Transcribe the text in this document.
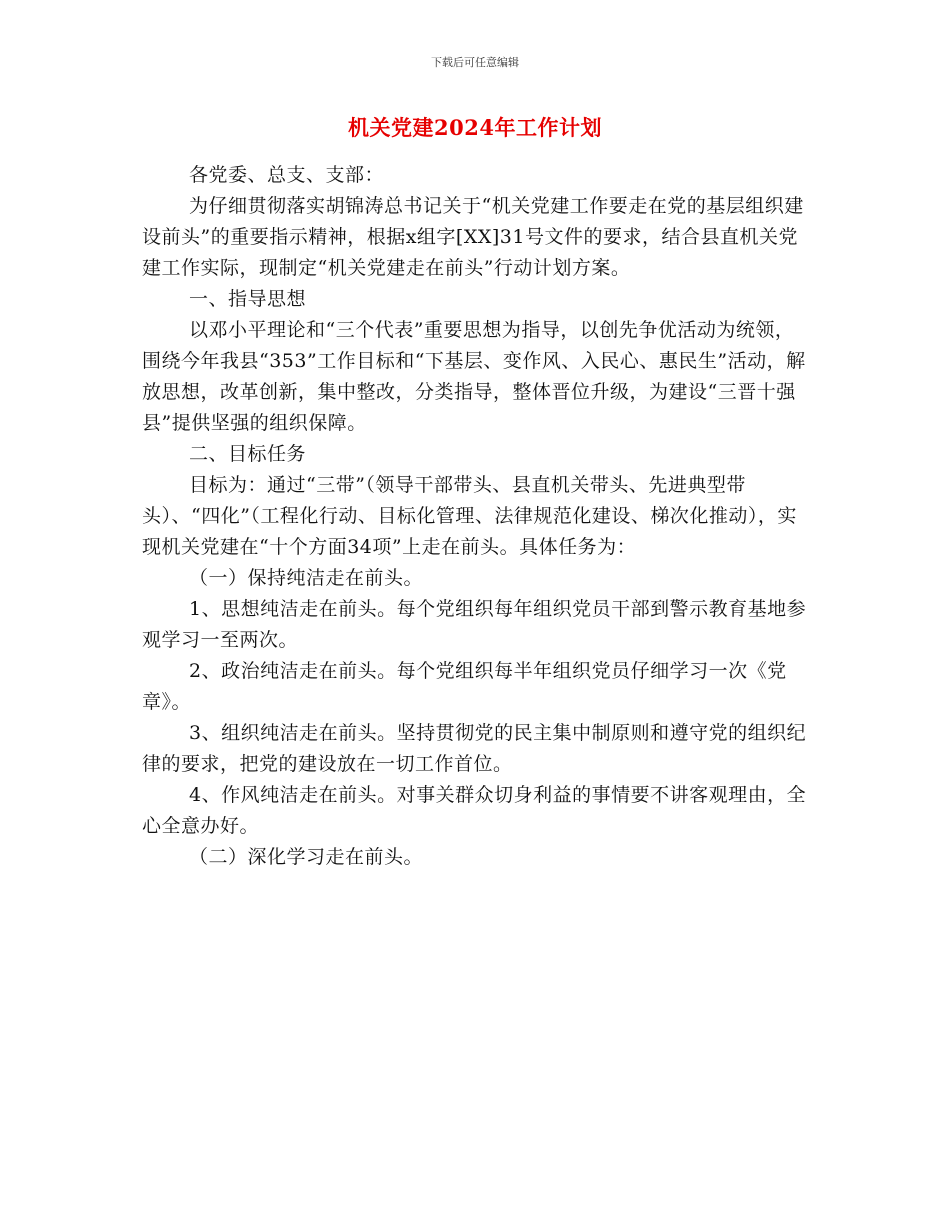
下载后可任意编辑
机关党建2024年工作计划

各党委、总支、支部：

为仔细贯彻落实胡锦涛总书记关于“机关党建工作要走在党的基层组织建设前头”的重要指示精神，根据x组字[XX]31号文件的要求，结合县直机关党建工作实际，现制定“机关党建走在前头”行动计划方案。

一、指导思想

以邓小平理论和“三个代表”重要思想为指导，以创先争优活动为统领，围绕今年我县“353”工作目标和“下基层、变作风、入民心、惠民生”活动，解放思想，改革创新，集中整改，分类指导，整体晋位升级，为建设“三晋十强县”提供坚强的组织保障。

二、目标任务

目标为：通过“三带”（领导干部带头、县直机关带头、先进典型带头）、“四化”（工程化行动、目标化管理、法律规范化建设、梯次化推动），实现机关党建在“十个方面34项”上走在前头。具体任务为：

（一）保持纯洁走在前头。

1、思想纯洁走在前头。每个党组织每年组织党员干部到警示教育基地参观学习一至两次。

2、政治纯洁走在前头。每个党组织每半年组织党员仔细学习一次《党章》。

3、组织纯洁走在前头。坚持贯彻党的民主集中制原则和遵守党的组织纪律的要求，把党的建设放在一切工作首位。

4、作风纯洁走在前头。对事关群众切身利益的事情要不讲客观理由，全心全意办好。

（二）深化学习走在前头。
